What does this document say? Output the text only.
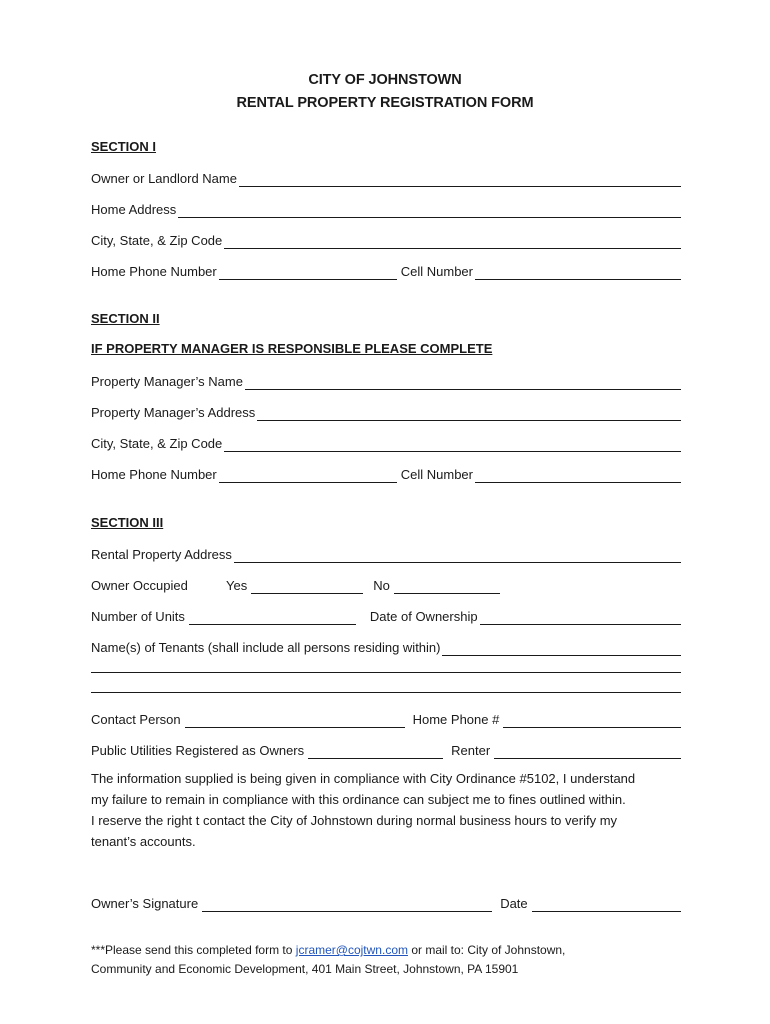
CITY OF JOHNSTOWN
RENTAL PROPERTY REGISTRATION FORM
SECTION I
Owner or Landlord Name
Home Address
City, State, & Zip Code
Home Phone Number	Cell Number
SECTION II
IF PROPERTY MANAGER IS RESPONSIBLE PLEASE COMPLETE
Property Manager’s Name
Property Manager’s Address
City, State, & Zip Code
Home Phone Number	Cell Number
SECTION III
Rental Property Address
Owner Occupied	Yes	No
Number of Units	Date of Ownership
Name(s) of Tenants (shall include all persons residing within)
Contact Person	Home Phone #
Public Utilities Registered as Owners	Renter
The information supplied is being given in compliance with City Ordinance #5102, I understand
my failure to remain in compliance with this ordinance can subject me to fines outlined within.
I reserve the right t contact the City of Johnstown during normal business hours to verify my
tenant’s accounts.
Owner’s Signature	Date
***Please send this completed form to jcramer@cojtwn.com or mail to: City of Johnstown,
Community and Economic Development, 401 Main Street, Johnstown, PA 15901
